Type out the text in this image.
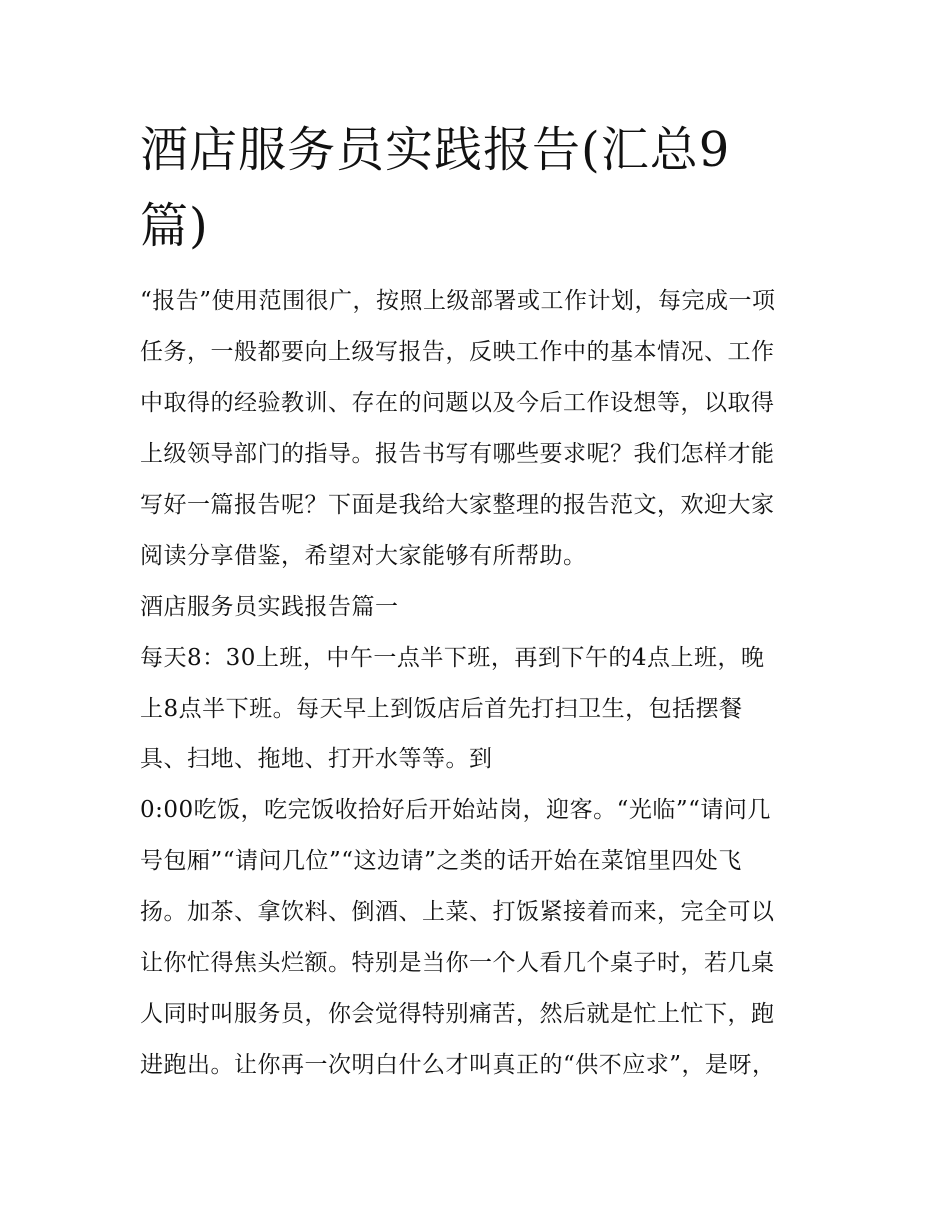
酒店服务员实践报告(汇总9
篇)

“报告”使用范围很广，按照上级部署或工作计划，每完成一项

任务，一般都要向上级写报告，反映工作中的基本情况、工作

中取得的经验教训、存在的问题以及今后工作设想等，以取得

上级领导部门的指导。报告书写有哪些要求呢？我们怎样才能

写好一篇报告呢？下面是我给大家整理的报告范文，欢迎大家

阅读分享借鉴，希望对大家能够有所帮助。

酒店服务员实践报告篇一

每天8：30上班，中午一点半下班，再到下午的4点上班，晚

上8点半下班。每天早上到饭店后首先打扫卫生，包括摆餐

具、扫地、拖地、打开水等等。到

0:00吃饭，吃完饭收拾好后开始站岗，迎客。“光临”“请问几

号包厢”“请问几位”“这边请”之类的话开始在菜馆里四处飞

扬。加茶、拿饮料、倒酒、上菜、打饭紧接着而来，完全可以

让你忙得焦头烂额。特别是当你一个人看几个桌子时，若几桌

人同时叫服务员，你会觉得特别痛苦，然后就是忙上忙下，跑

进跑出。让你再一次明白什么才叫真正的“供不应求”，是呀，
